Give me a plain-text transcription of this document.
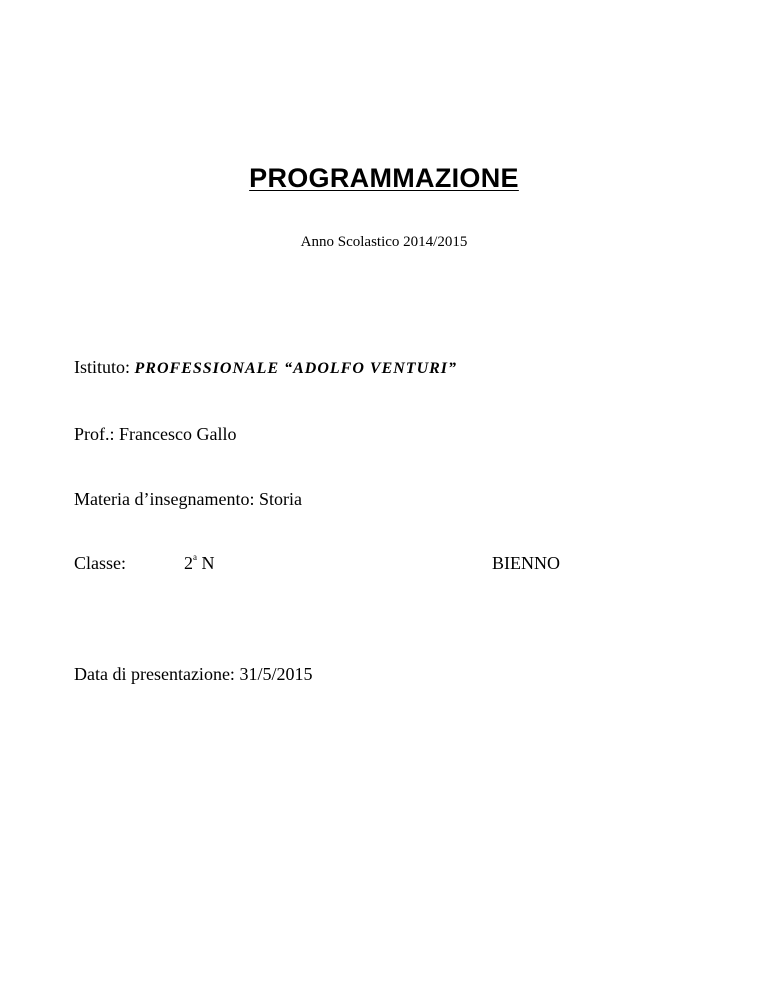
PROGRAMMAZIONE
Anno Scolastico 2014/2015
Istituto: PROFESSIONALE “ADOLFO VENTURI”
Prof.: Francesco Gallo
Materia d’insegnamento: Storia
Classe:	2$^a$ N	BIENNO
Data di presentazione: 31/5/2015
